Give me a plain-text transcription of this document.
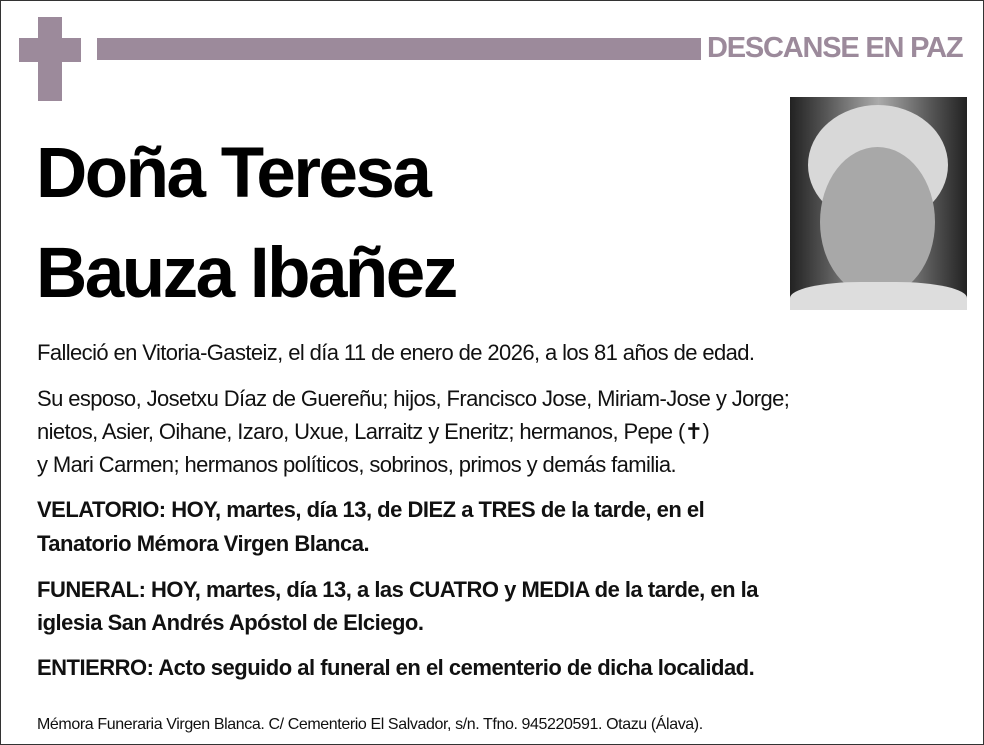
DESCANSE EN PAZ
Doña Teresa
Bauza Ibañez
Falleció en Vitoria-Gasteiz, el día 11 de enero de 2026, a los 81 años de edad.
Su esposo, Josetxu Díaz de Guereñu; hijos, Francisco Jose, Miriam-Jose y Jorge;
nietos, Asier, Oihane, Izaro, Uxue, Larraitz y Eneritz; hermanos, Pepe (✝)
y Mari Carmen; hermanos políticos, sobrinos, primos y demás familia.
VELATORIO: HOY, martes, día 13, de DIEZ a TRES de la tarde, en el
Tanatorio Mémora Virgen Blanca.
FUNERAL: HOY, martes, día 13, a las CUATRO y MEDIA de la tarde, en la
iglesia San Andrés Apóstol de Elciego.
ENTIERRO: Acto seguido al funeral en el cementerio de dicha localidad.
Mémora Funeraria Virgen Blanca. C/ Cementerio El Salvador, s/n. Tfno. 945220591. Otazu (Álava).
